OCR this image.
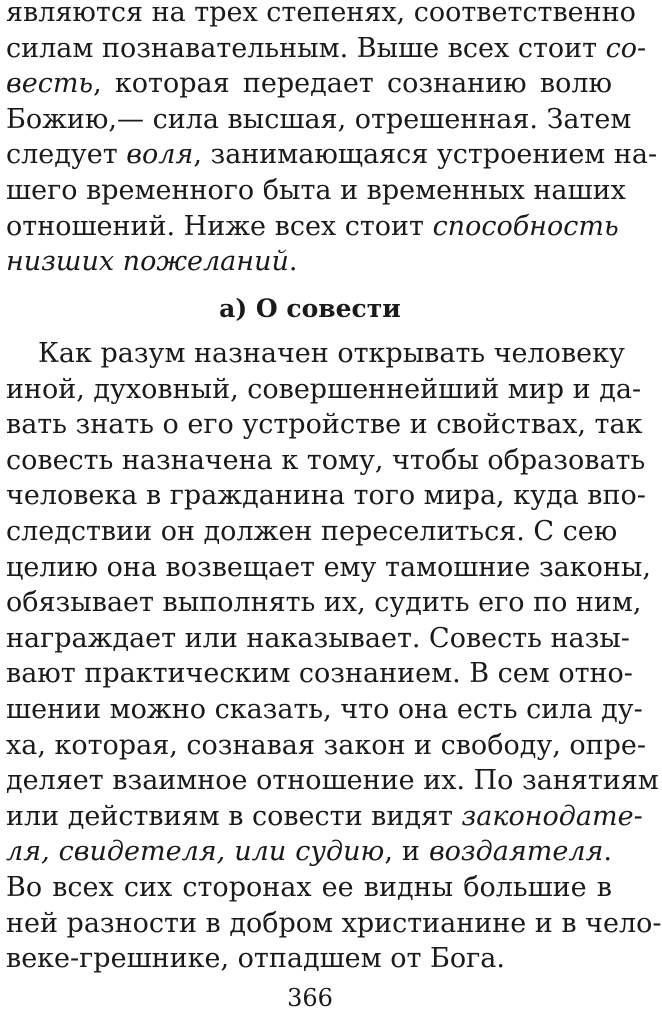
являются на трех степенях, соответственно
силам познавательным. Выше всех стоит со-
весть, которая передает сознанию волю
Божию,— сила высшая, отрешенная. Затем
следует воля, занимающаяся устроением на-
шего временного быта и временных наших
отношений. Ниже всех стоит способность
низших пожеланий.
а) О совести
Как разум назначен открывать человеку
иной, духовный, совершеннейший мир и да-
вать знать о его устройстве и свойствах, так
совесть назначена к тому, чтобы образовать
человека в гражданина того мира, куда впо-
следствии он должен переселиться. С сею
целию она возвещает ему тамошние законы,
обязывает выполнять их, судить его по ним,
награждает или наказывает. Совесть назы-
вают практическим сознанием. В сем отно-
шении можно сказать, что она есть сила ду-
ха, которая, сознавая закон и свободу, опре-
деляет взаимное отношение их. По занятиям
или действиям в совести видят законодате-
ля, свидетеля, или судию, и воздаятеля.
Во всех сих сторонах ее видны большие в
ней разности в добром христианине и в чело-
веке-грешнике, отпадшем от Бога.
366
